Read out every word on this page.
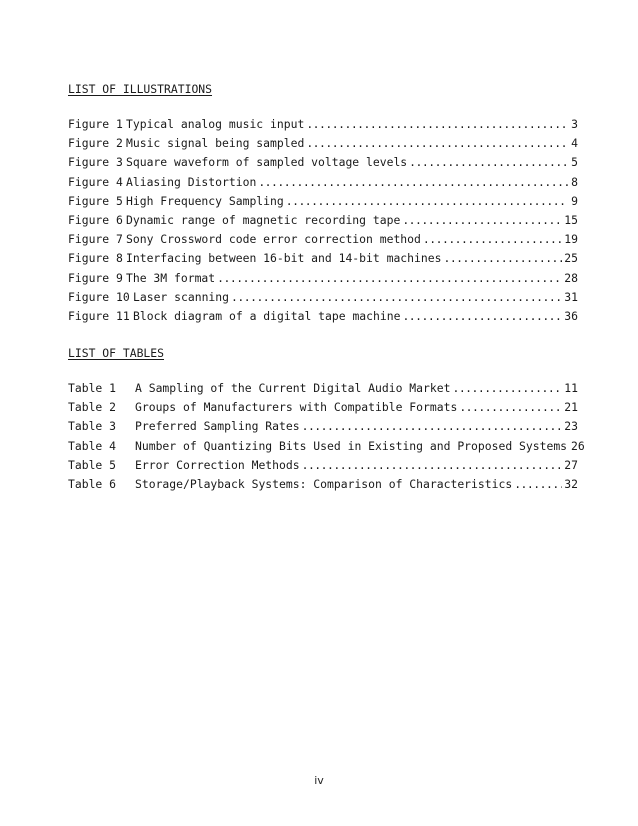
LIST OF ILLUSTRATIONS
Figure 1 Typical analog music input .....	3
Figure 2 Music signal being sampled .....	4
Figure 3 Square waveform of sampled voltage levels .....	5
Figure 4 Aliasing Distortion .....	8
Figure 5 High Frequency Sampling .....	9
Figure 6 Dynamic range of magnetic recording tape .....	15
Figure 7 Sony Crossword code error correction method .....	19
Figure 8 Interfacing between 16-bit and 14-bit machines .....	25
Figure 9 The 3M format .....	28
Figure 10 Laser scanning .....	31
Figure 11 Block diagram of a digital tape machine .....	36
LIST OF TABLES
Table 1	A Sampling of the Current Digital Audio Market .....	11
Table 2	Groups of Manufacturers with Compatible Formats .....	21
Table 3	Preferred Sampling Rates .....	23
Table 4	Number of Quantizing Bits Used in Existing and Proposed Systems 26
Table 5	Error Correction Methods .....	27
Table 6	Storage/Playback Systems: Comparison of Characteristics .....	32
iv
